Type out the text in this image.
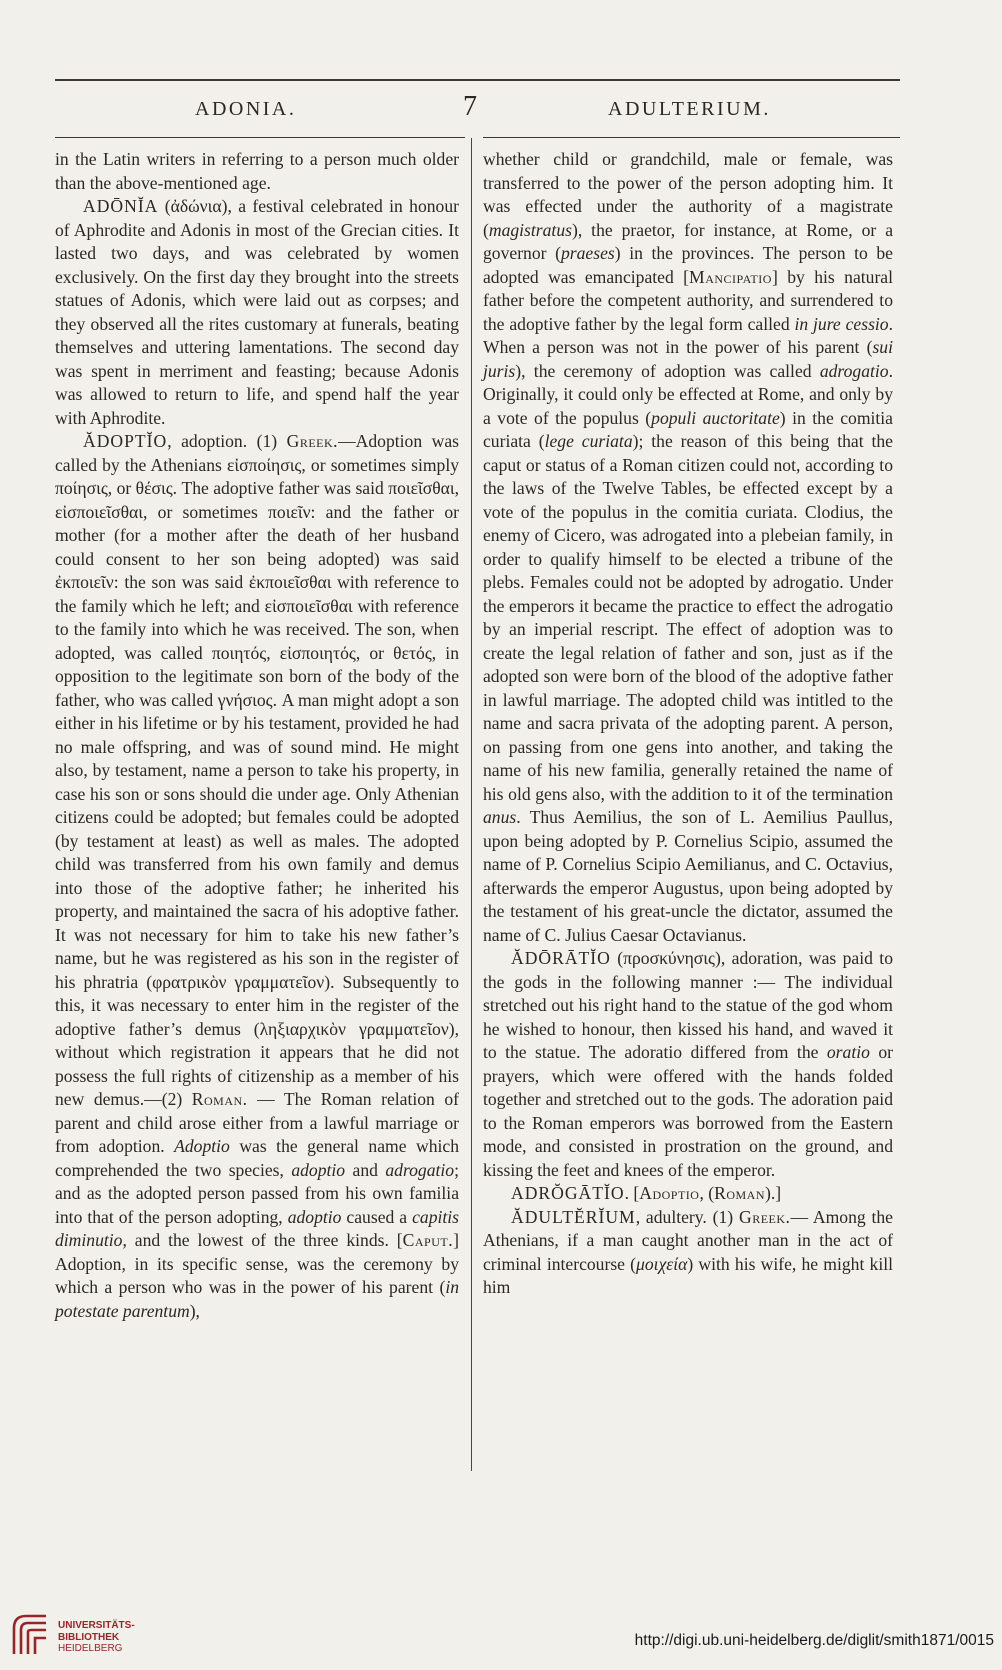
ADONIA.	7	ADULTERIUM.

in the Latin writers in referring to a person much older than the above-mentioned age.

ADŌNĬA (ἀδώνια), a festival celebrated in honour of Aphrodite and Adonis in most of the Grecian cities. It lasted two days, and was celebrated by women exclusively. On the first day they brought into the streets statues of Adonis, which were laid out as corpses; and they observed all the rites customary at funerals, beating themselves and uttering lamentations. The second day was spent in merriment and feasting; because Adonis was allowed to return to life, and spend half the year with Aphrodite.

ĂDOPTĬO, adoption. (1) Greek.—Adoption was called by the Athenians εἰσποίησις, or sometimes simply ποίησις, or θέσις. The adoptive father was said ποιεῖσθαι, εἰσποιεῖσθαι, or sometimes ποιεῖν: and the father or mother (for a mother after the death of her husband could consent to her son being adopted) was said ἐκποιεῖν: the son was said ἐκποιεῖσθαι with reference to the family which he left; and εἰσποιεῖσθαι with reference to the family into which he was received. The son, when adopted, was called ποιητός, εἰσποιητός, or θετός, in opposition to the legitimate son born of the body of the father, who was called γνήσιος. A man might adopt a son either in his lifetime or by his testament, provided he had no male offspring, and was of sound mind. He might also, by testament, name a person to take his property, in case his son or sons should die under age. Only Athenian citizens could be adopted; but females could be adopted (by testament at least) as well as males. The adopted child was transferred from his own family and demus into those of the adoptive father; he inherited his property, and maintained the sacra of his adoptive father. It was not necessary for him to take his new father’s name, but he was registered as his son in the register of his phratria (φρατρικὸν γραμματεῖον). Subsequently to this, it was necessary to enter him in the register of the adoptive father’s demus (ληξιαρχικὸν γραμματεῖον), without which registration it appears that he did not possess the full rights of citizenship as a member of his new demus.—(2) Roman. — The Roman relation of parent and child arose either from a lawful marriage or from adoption. Adoptio was the general name which comprehended the two species, adoptio and adrogatio; and as the adopted person passed from his own familia into that of the person adopting, adoptio caused a capitis diminutio, and the lowest of the three kinds. [Caput.] Adoption, in its specific sense, was the ceremony by which a person who was in the power of his parent (in potestate parentum),

whether child or grandchild, male or female, was transferred to the power of the person adopting him. It was effected under the authority of a magistrate (magistratus), the praetor, for instance, at Rome, or a governor (praeses) in the provinces. The person to be adopted was emancipated [Mancipatio] by his natural father before the competent authority, and surrendered to the adoptive father by the legal form called in jure cessio. When a person was not in the power of his parent (sui juris), the ceremony of adoption was called adrogatio. Originally, it could only be effected at Rome, and only by a vote of the populus (populi auctoritate) in the comitia curiata (lege curiata); the reason of this being that the caput or status of a Roman citizen could not, according to the laws of the Twelve Tables, be effected except by a vote of the populus in the comitia curiata. Clodius, the enemy of Cicero, was adrogated into a plebeian family, in order to qualify himself to be elected a tribune of the plebs. Females could not be adopted by adrogatio. Under the emperors it became the practice to effect the adrogatio by an imperial rescript. The effect of adoption was to create the legal relation of father and son, just as if the adopted son were born of the blood of the adoptive father in lawful marriage. The adopted child was intitled to the name and sacra privata of the adopting parent. A person, on passing from one gens into another, and taking the name of his new familia, generally retained the name of his old gens also, with the addition to it of the termination anus. Thus Aemilius, the son of L. Aemilius Paullus, upon being adopted by P. Cornelius Scipio, assumed the name of P. Cornelius Scipio Aemilianus, and C. Octavius, afterwards the emperor Augustus, upon being adopted by the testament of his great-uncle the dictator, assumed the name of C. Julius Caesar Octavianus.

ĂDŌRĀTĬO (προσκύνησις), adoration, was paid to the gods in the following manner :— The individual stretched out his right hand to the statue of the god whom he wished to honour, then kissed his hand, and waved it to the statue. The adoratio differed from the oratio or prayers, which were offered with the hands folded together and stretched out to the gods. The adoration paid to the Roman emperors was borrowed from the Eastern mode, and consisted in prostration on the ground, and kissing the feet and knees of the emperor.

ADRŎGĀTĬO. [Adoptio, (Roman).]

ĂDULTĔRĬUM, adultery. (1) Greek.— Among the Athenians, if a man caught another man in the act of criminal intercourse (μοιχεία) with his wife, he might kill him

UNIVERSITÄTS-
BIBLIOTHEK
HEIDELBERG	http://digi.ub.uni-heidelberg.de/diglit/smith1871/0015
